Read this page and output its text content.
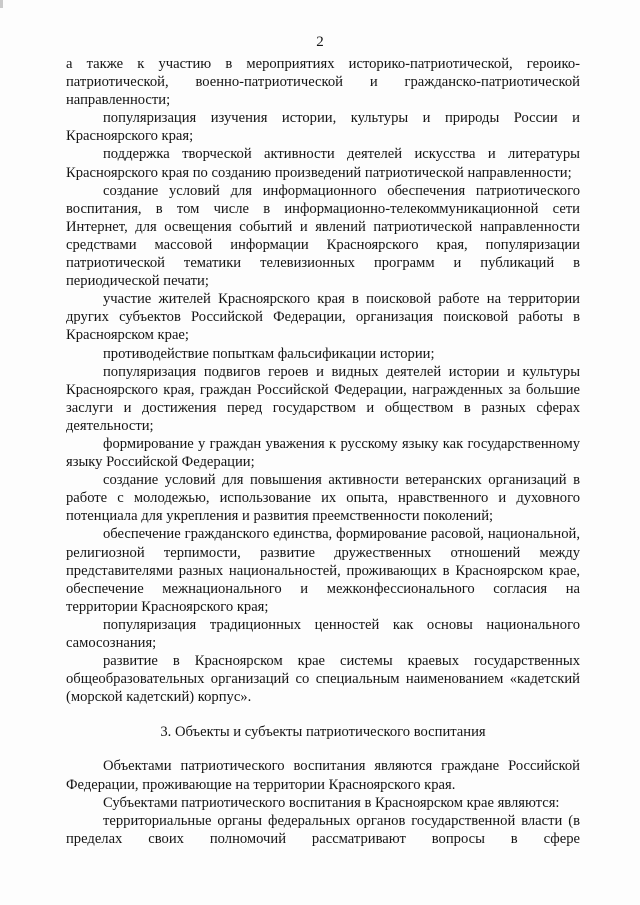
2

а также к участию в мероприятиях историко-патриотической, героико-патриотической, военно-патриотической и гражданско-патриотической направленности;

популяризация изучения истории, культуры и природы России и Красноярского края;

поддержка творческой активности деятелей искусства и литературы Красноярского края по созданию произведений патриотической направленности;

создание условий для информационного обеспечения патриотического воспитания, в том числе в информационно-телекоммуникационной сети Интернет, для освещения событий и явлений патриотической направленности средствами массовой информации Красноярского края, популяризации патриотической тематики телевизионных программ и публикаций в периодической печати;

участие жителей Красноярского края в поисковой работе на территории других субъектов Российской Федерации, организация поисковой работы в Красноярском крае;

противодействие попыткам фальсификации истории;

популяризация подвигов героев и видных деятелей истории и культуры Красноярского края, граждан Российской Федерации, награжденных за большие заслуги и достижения перед государством и обществом в разных сферах деятельности;

формирование у граждан уважения к русскому языку как государственному языку Российской Федерации;

создание условий для повышения активности ветеранских организаций в работе с молодежью, использование их опыта, нравственного и духовного потенциала для укрепления и развития преемственности поколений;

обеспечение гражданского единства, формирование расовой, национальной, религиозной терпимости, развитие дружественных отношений между представителями разных национальностей, проживающих в Красноярском крае, обеспечение межнационального и межконфессионального согласия на территории Красноярского края;

популяризация традиционных ценностей как основы национального самосознания;

развитие в Красноярском крае системы краевых государственных общеобразовательных организаций со специальным наименованием «кадетский (морской кадетский) корпус».

3. Объекты и субъекты патриотического воспитания

Объектами патриотического воспитания являются граждане Российской Федерации, проживающие на территории Красноярского края.

Субъектами патриотического воспитания в Красноярском крае являются:

территориальные органы федеральных органов государственной власти (в пределах своих полномочий рассматривают вопросы в сфере
